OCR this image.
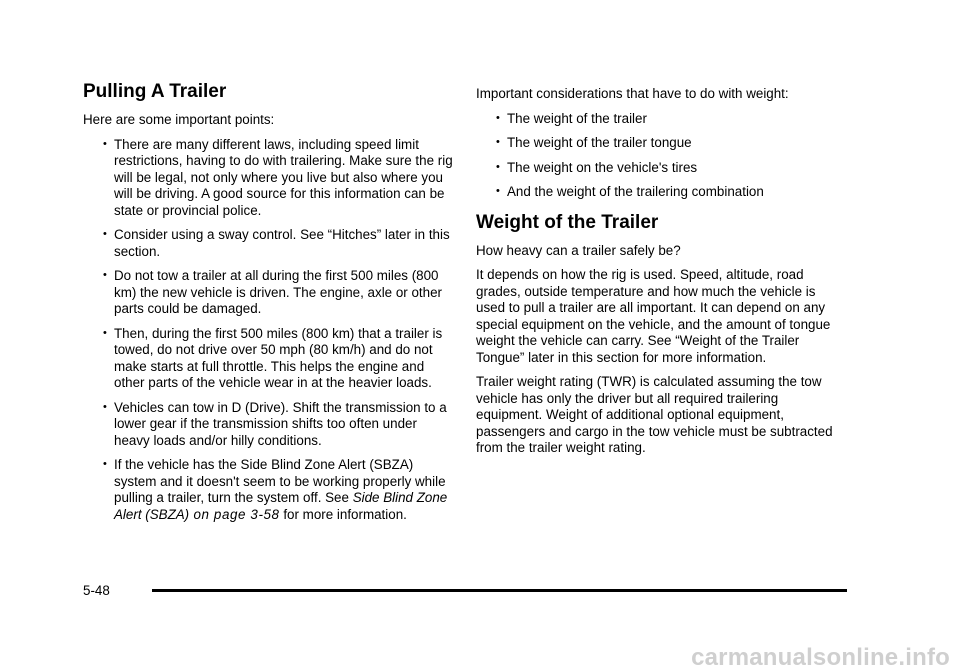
Pulling A Trailer

Here are some important points:

• There are many different laws, including speed limit restrictions, having to do with trailering. Make sure the rig will be legal, not only where you live but also where you will be driving. A good source for this information can be state or provincial police.
• Consider using a sway control. See “Hitches” later in this section.
• Do not tow a trailer at all during the first 500 miles (800 km) the new vehicle is driven. The engine, axle or other parts could be damaged.
• Then, during the first 500 miles (800 km) that a trailer is towed, do not drive over 50 mph (80 km/h) and do not make starts at full throttle. This helps the engine and other parts of the vehicle wear in at the heavier loads.
• Vehicles can tow in D (Drive). Shift the transmission to a lower gear if the transmission shifts too often under heavy loads and/or hilly conditions.
• If the vehicle has the Side Blind Zone Alert (SBZA) system and it doesn't seem to be working properly while pulling a trailer, turn the system off. See Side Blind Zone Alert (SBZA) on page 3-58 for more information.

Important considerations that have to do with weight:

• The weight of the trailer
• The weight of the trailer tongue
• The weight on the vehicle's tires
• And the weight of the trailering combination
Weight of the Trailer

How heavy can a trailer safely be?

It depends on how the rig is used. Speed, altitude, road grades, outside temperature and how much the vehicle is used to pull a trailer are all important. It can depend on any special equipment on the vehicle, and the amount of tongue weight the vehicle can carry. See “Weight of the Trailer Tongue” later in this section for more information.

Trailer weight rating (TWR) is calculated assuming the tow vehicle has only the driver but all required trailering equipment. Weight of additional optional equipment, passengers and cargo in the tow vehicle must be subtracted from the trailer weight rating.

5-48
carmanualsonline.info
